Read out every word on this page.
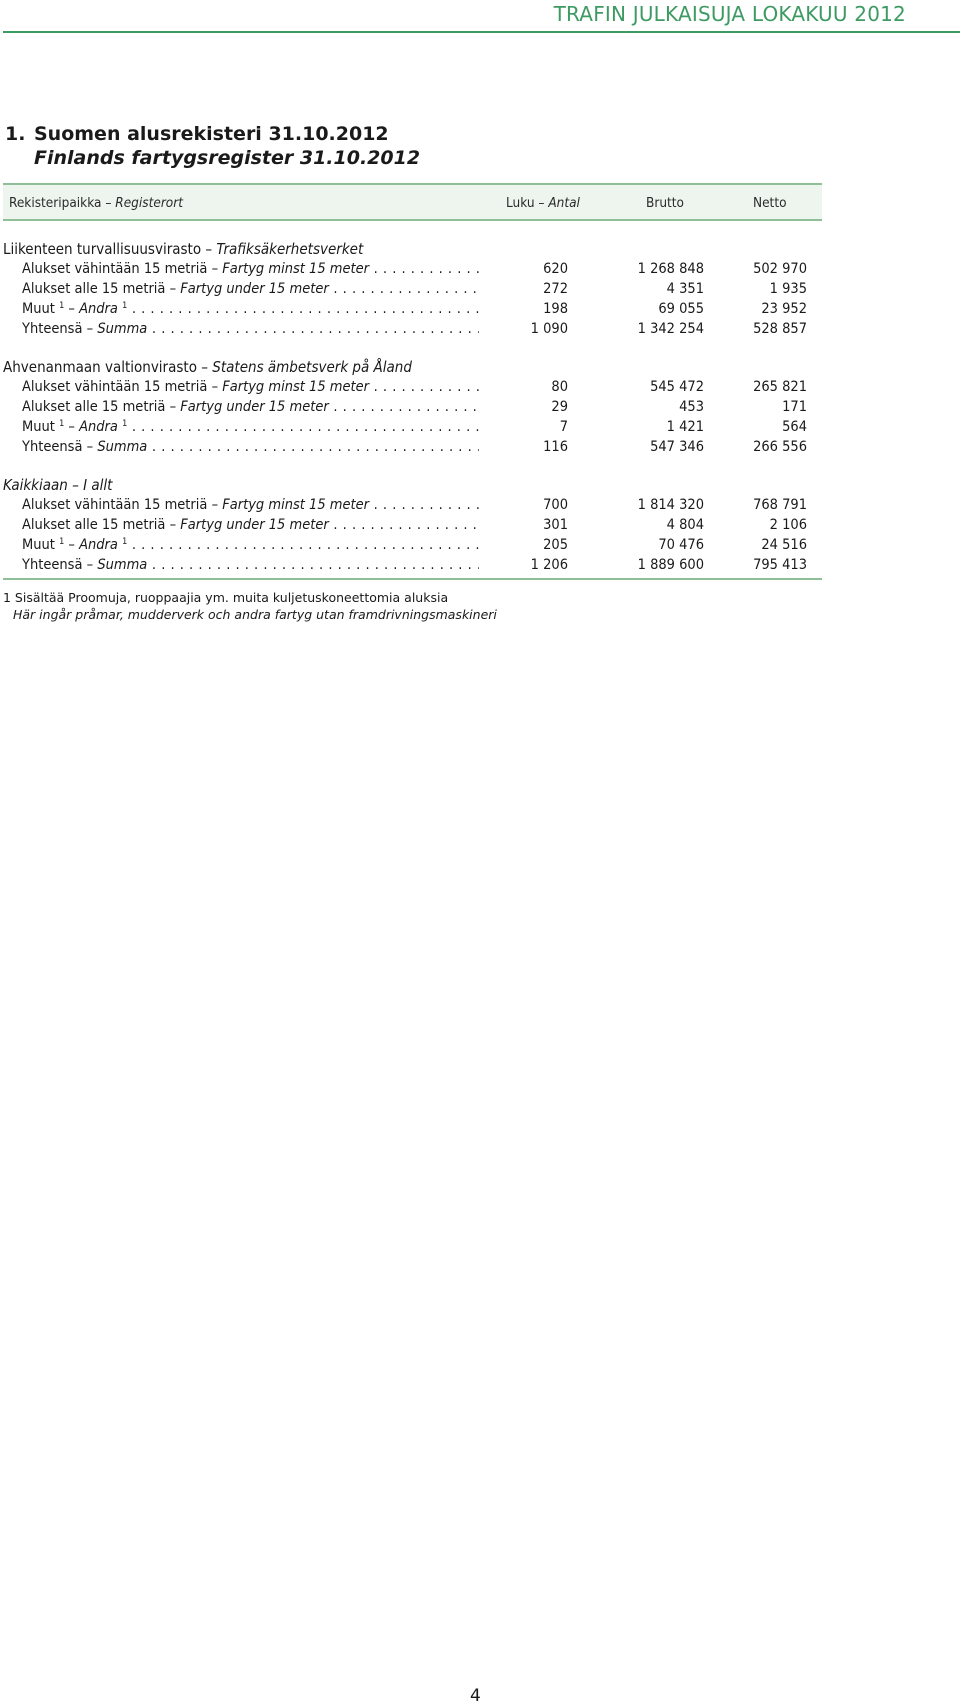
TRAFIN JULKAISUJA LOKAKUU 2012
1. Suomen alusrekisteri 31.10.2012
Finlands fartygsregister 31.10.2012
Rekisteripaikka – Registerort	Luku – Antal	Brutto	Netto
Liikenteen turvallisuusvirasto – Trafiksäkerhetsverket
Alukset vähintään 15 metriä – Fartyg minst 15 meter . . .	620	1 268 848	502 970
Alukset alle 15 metriä – Fartyg under 15 meter . . .	272	4 351	1 935
Muut $^1$ – Andra $^1$ . . .	198	69 055	23 952
Yhteensä – Summa . . .	1 090	1 342 254	528 857
Ahvenanmaan valtionvirasto – Statens ämbetsverk på Åland
Alukset vähintään 15 metriä – Fartyg minst 15 meter . . .	80	545 472	265 821
Alukset alle 15 metriä – Fartyg under 15 meter . . .	29	453	171
Muut $^1$ – Andra $^1$ . . .	7	1 421	564
Yhteensä – Summa . . .	116	547 346	266 556
Kaikkiaan – I allt
Alukset vähintään 15 metriä – Fartyg minst 15 meter . . .	700	1 814 320	768 791
Alukset alle 15 metriä – Fartyg under 15 meter . . .	301	4 804	2 106
Muut $^1$ – Andra $^1$ . . .	205	70 476	24 516
Yhteensä – Summa . . .	1 206	1 889 600	795 413
1 Sisältää Proomuja, ruoppaajia ym. muita kuljetuskoneettomia aluksia
Här ingår pråmar, mudderverk och andra fartyg utan framdrivningsmaskineri
4
